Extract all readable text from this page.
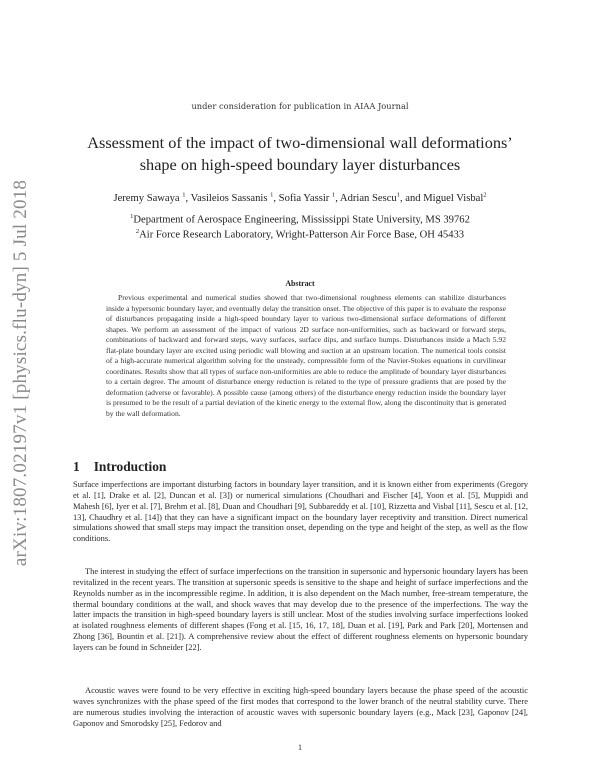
arXiv:1807.02197v1 [physics.flu-dyn] 5 Jul 2018
under consideration for publication in AIAA Journal
Assessment of the impact of two-dimensional wall deformations’
shape on high-speed boundary layer disturbances
Jeremy Sawaya $^1$, Vasileios Sassanis $^1$, Sofia Yassir $^1$, Adrian Sescu$^1$, and Miguel Visbal$^2$
$^1$Department of Aerospace Engineering, Mississippi State University, MS 39762
$^2$Air Force Research Laboratory, Wright-Patterson Air Force Base, OH 45433
Abstract

Previous experimental and numerical studies showed that two-dimensional roughness elements can stabilize disturbances inside a hypersonic boundary layer, and eventually delay the transition onset. The objective of this paper is to evaluate the response of disturbances propagating inside a high-speed boundary layer to various two-dimensional surface deformations of different shapes. We perform an assessment of the impact of various 2D surface non-uniformities, such as backward or forward steps, combinations of backward and forward steps, wavy surfaces, surface dips, and surface humps. Disturbances inside a Mach 5.92 flat-plate boundary layer are excited using periodic wall blowing and suction at an upstream location. The numerical tools consist of a high-accurate numerical algorithm solving for the unsteady, compressible form of the Navier-Stokes equations in curvilinear coordinates. Results show that all types of surface non-uniformities are able to reduce the amplitude of boundary layer disturbances to a certain degree. The amount of disturbance energy reduction is related to the type of pressure gradients that are posed by the deformation (adverse or favorable). A possible cause (among others) of the disturbance energy reduction inside the boundary layer is presumed to be the result of a partial deviation of the kinetic energy to the external flow, along the discontinuity that is generated by the wall deformation.

1 Introduction

Surface imperfections are important disturbing factors in boundary layer transition, and it is known either from experiments (Gregory et al. [1], Drake et al. [2], Duncan et al. [3]) or numerical simulations (Choudhari and Fischer [4], Yoon et al. [5], Muppidi and Mahesh [6], Iyer et al. [7], Brehm et al. [8], Duan and Choudhari [9], Subbareddy et al. [10], Rizzetta and Visbal [11], Sescu et al. [12, 13], Chaudhry et al. [14]) that they can have a significant impact on the boundary layer receptivity and transition. Direct numerical simulations showed that small steps may impact the transition onset, depending on the type and height of the step, as well as the flow conditions.

The interest in studying the effect of surface imperfections on the transition in supersonic and hypersonic boundary layers has been revitalized in the recent years. The transition at supersonic speeds is sensitive to the shape and height of surface imperfections and the Reynolds number as in the incompressible regime. In addition, it is also dependent on the Mach number, free-stream temperature, the thermal boundary conditions at the wall, and shock waves that may develop due to the presence of the imperfections. The way the latter impacts the transition in high-speed boundary layers is still unclear. Most of the studies involving surface imperfections looked at isolated roughness elements of different shapes (Fong et al. [15, 16, 17, 18], Duan et al. [19], Park and Park [20], Mortensen and Zhong [36], Bountin et al. [21]). A comprehensive review about the effect of different roughness elements on hypersonic boundary layers can be found in Schneider [22].

Acoustic waves were found to be very effective in exciting high-speed boundary layers because the phase speed of the acoustic waves synchronizes with the phase speed of the first modes that correspond to the lower branch of the neutral stability curve. There are numerous studies involving the interaction of acoustic waves with supersonic boundary layers (e.g., Mack [23], Gaponov [24], Gaponov and Smorodsky [25], Fedorov and

1
